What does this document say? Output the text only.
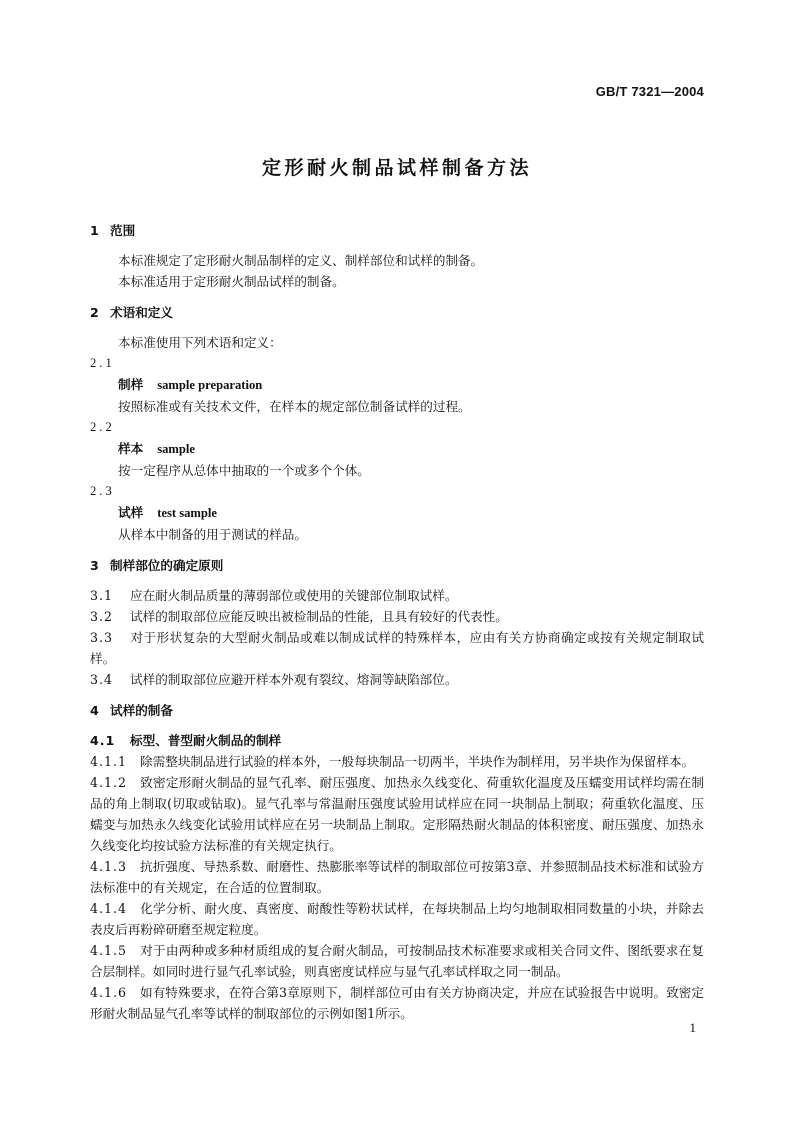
GB/T 7321—2004
定形耐火制品试样制备方法

1 范围

本标准规定了定形耐火制品制样的定义、制样部位和试样的制备。

本标准适用于定形耐火制品试样的制备。

2 术语和定义

本标准使用下列术语和定义：

2.1

制样 sample preparation

按照标准或有关技术文件，在样本的规定部位制备试样的过程。

2.2

样本 sample

按一定程序从总体中抽取的一个或多个个体。

2.3

试样 test sample

从样本中制备的用于测试的样品。

3 制样部位的确定原则

3.1 应在耐火制品质量的薄弱部位或使用的关键部位制取试样。

3.2 试样的制取部位应能反映出被检制品的性能，且具有较好的代表性。

3.3 对于形状复杂的大型耐火制品或难以制成试样的特殊样本，应由有关方协商确定或按有关规定制取试样。

3.4 试样的制取部位应避开样本外观有裂纹、熔洞等缺陷部位。

4 试样的制备

4.1 标型、普型耐火制品的制样

4.1.1 除需整块制品进行试验的样本外，一般每块制品一切两半，半块作为制样用，另半块作为保留样本。

4.1.2 致密定形耐火制品的显气孔率、耐压强度、加热永久线变化、荷重软化温度及压蠕变用试样均需在制品的角上制取(切取或钻取)。显气孔率与常温耐压强度试验用试样应在同一块制品上制取；荷重软化温度、压蠕变与加热永久线变化试验用试样应在另一块制品上制取。定形隔热耐火制品的体积密度、耐压强度、加热永久线变化均按试验方法标准的有关规定执行。

4.1.3 抗折强度、导热系数、耐磨性、热膨胀率等试样的制取部位可按第3章、并参照制品技术标准和试验方法标准中的有关规定，在合适的位置制取。

4.1.4 化学分析、耐火度、真密度、耐酸性等粉状试样，在每块制品上均匀地制取相同数量的小块，并除去表皮后再粉碎研磨至规定粒度。

4.1.5 对于由两种或多种材质组成的复合耐火制品，可按制品技术标准要求或相关合同文件、图纸要求在复合层制样。如同时进行显气孔率试验，则真密度试样应与显气孔率试样取之同一制品。

4.1.6 如有特殊要求，在符合第3章原则下，制样部位可由有关方协商决定，并应在试验报告中说明。致密定形耐火制品显气孔率等试样的制取部位的示例如图1所示。

1
